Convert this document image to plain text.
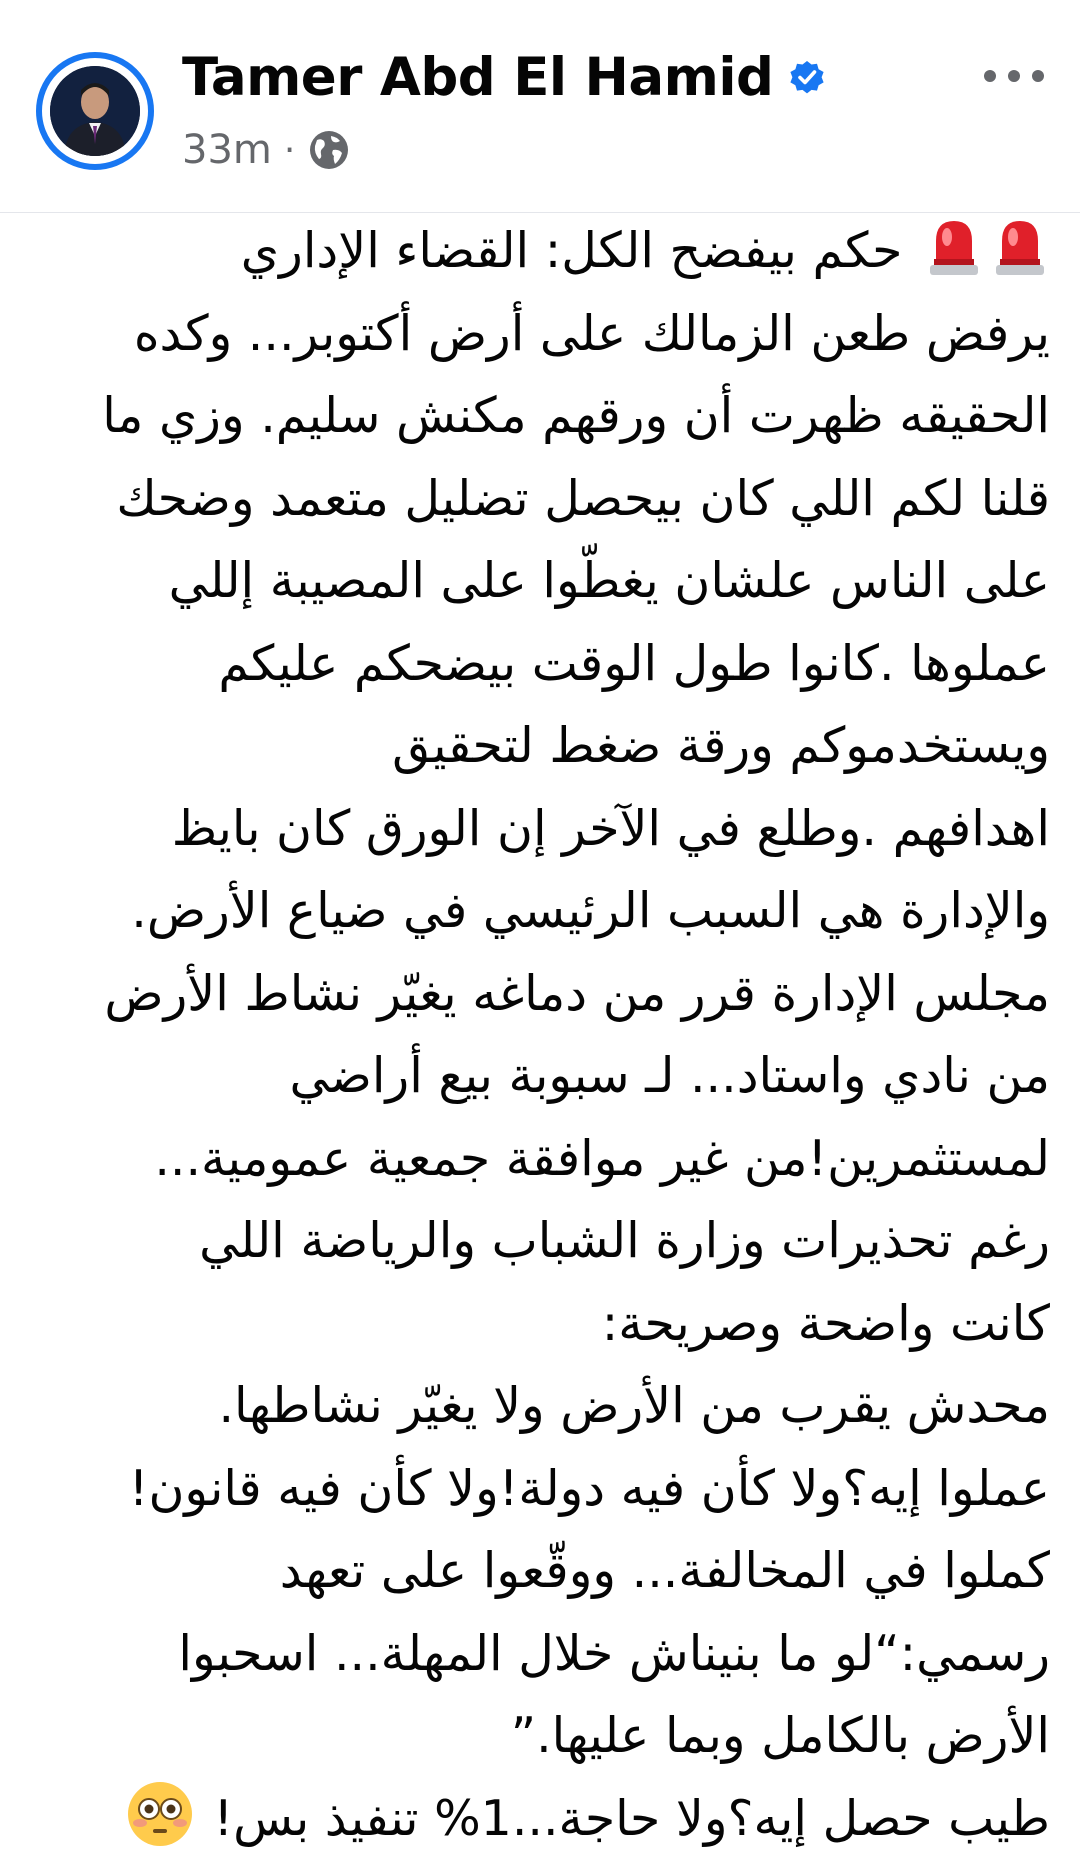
Tamer Abd El Hamid
33m ·
حكم بيفضح الكل: القضاء الإداري
يرفض طعن الزمالك على أرض أكتوبر... وكده
الحقيقه ظهرت أن ورقهم مكنش سليم. وزي ما
قلنا لكم اللي كان بيحصل تضليل متعمد وضحك
على الناس علشان يغطّوا على المصيبة إللي
عملوها .كانوا طول الوقت بيضحكم عليكم
ويستخدموكم ورقة ضغط لتحقيق
اهدافهم .وطلع في الآخر إن الورق كان بايظ
والإدارة هي السبب الرئيسي في ضياع الأرض.
مجلس الإدارة قرر من دماغه يغيّر نشاط الأرض
من نادي واستاد... لـ سبوبة بيع أراضي
لمستثمرين!من غير موافقة جمعية عمومية...
رغم تحذيرات وزارة الشباب والرياضة اللي
كانت واضحة وصريحة:
محدش يقرب من الأرض ولا يغيّر نشاطها.
عملوا إيه؟ولا كأن فيه دولة!ولا كأن فيه قانون!
كملوا في المخالفة... ووقّعوا على تعهد
رسمي:“لو ما بنيناش خلال المهلة... اسحبوا
الأرض بالكامل وبما عليها.”
طيب حصل إيه؟ولا حاجة...1% تنفيذ بس!
